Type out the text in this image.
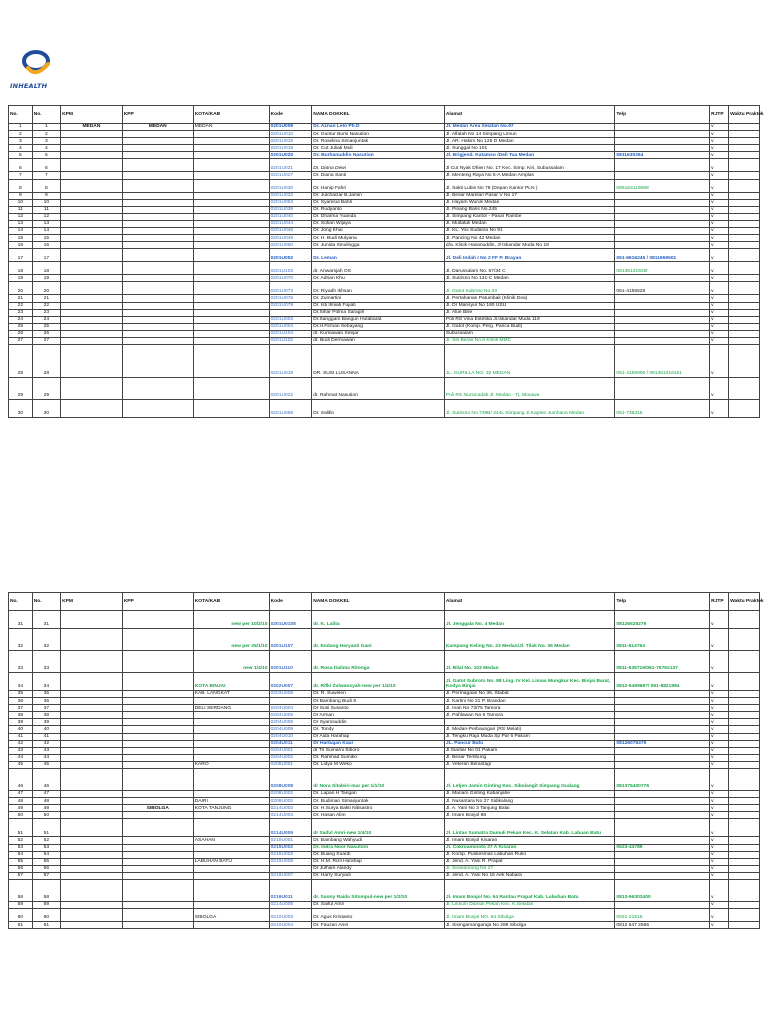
INHEALTH
No.	No.	KPM	KPP	KOTA/KAB	Kode	NAMA DOKKEL	Alamat	Telp	RJTP	Waktu Praktek
1	1	MEDAN	MEDAN	MEDAN	0201U009	Dr. Aznan Lelo Ph.D	Jl. Medan Area Selatan No.97		v	
2	2				0201U010	Dr. Guntur Bumi Nasution	Jl. Alfalah No 14 Simpang Limun		v	
3	3				0201U015	Dr. Roselina Simanjuntak	Jl. AR. Hakim No 126 D Medan		v	
4	4				0201U019	Dr. Cut Juliati Muli	Jl. Sunggal No 101		v	
5	5				0201U020	Dr. Burhanuddin Nasution	Jl. Brigjend. Katamso /Deli Tua Medan	0811630264	v	
6	6				0201U021	Dr. Diana Dewi	Jl Cut Nyak Dhien No. 17 Kec. Simp. Kiri, Subussalam		v	
7	7				0201U027	Dr. Diana Santi	Jl. Menteng Raya No 5-A Medan Amplas		v	
8	8				0201U030	Dr. Hanip Fahri	Jl. Sakti Lubis No 78 (Depan Kantor PLN )	085163119088	v	
9	9				0201U032	Dr. Julchaizar B.Jamin	Jl. Besar Marelan Pasar V No 17		v	
10	10				0201U063	Dr. Syamsul Bahri	Jl. Hayam Wuruk Medan		v	
11	11				0201U039	Dr. Rudyanto	Jl. Pinang Baris No.245		v	
12	12				0201U040	Dr. Dharma Yuanda	Jl. Simpang Kantor - Pasar Rambe		v	
13	13				0201U044	Dr. Sofian Wijaya	Jl. Multatuli Medan		v	
14	14				0201U046	Dr. Jong Khai	Jl. KL. Yos Sudarso No 91		v	
15	15				0201U049	Dr. H. Budi Mulyana	Jl. Pancing No 42 Medan		v	
16	16				0201U050	Dr. Junida Sinulingga	d/a. Klinik Hasanuddin, Jl Iskandar Muda No 19		v	
17	17				0201U052	Dr. Leman	Jl. Deli Indah I No 2 FF P. Brayan	061-6616245 / 0811659501	v	
18	18				0201U103	dr. Anwarsjah OS	Jl. Darussalam No. 67/34 C	08136131929l	v	
19	19				0201U070	Dr. Adrian Khu	Jl. Sutrisno No 131-C Medan		v	
20	20				0201U073	Dr. Riyadh Ikhsan	Jl. Gatot Subroto No 33	061-4155528	v	
21	21				0201U076	Dr. Zumartini	Jl. Pertahanan Patumbak (Klinik Dea)		v	
22	22				0201U079	Dr. Isti Ilmiati Fujiati	Jl. Dr Mansyur No 160 USU		v	
23	23					Dr.Sihar Polma Saragih	Jl. Alue Bilie		v	
24	24				0201U003	Dr.Sanggam Bangun Hutabarat	Poli RS Vina Estetika Jl.Iskandar Muda 119		v	
25	25				0201U004	Dr.H.Firman Sebayang	Jl. Gatot (Komp. Perg. Panca Budi)		v	
26	26				0201U104	dr. Kurniawan Sirejar	Subussalam		v	
27	27				0201U102	dr. Budi Dermawan	Jl. Sei Beras No.6 Klinik MMC		v	
28	28				0201U018	DR. SUSI LUSANNA	JL. GURILLA NO. 32 MEDAN	061-4156906 / 081361016161	v	
29	29				0201U022	dr. Rahmat Nasution	Poli RS Nursa'adah Jl. Medan - Tj. Morawa		v	
30	30				0201U059	Dr. Salifin	Jl. Sutrisno No.739B/ 344L Simpang Jl.Kapten Jumhana Medan	061-736315	v	
No.	No.	KPM	KPP	KOTA/KAB	Kode	NAMA DOKKEL	Alamat	Telp	RJTP	Waktu Praktek
31	31			new per 10/2/10	0201U0108	dr. K. Lalita	Jl. Jenggala No. 4 Medan	08126525279	v	
32	32			new per 25/1/10	0201U107	dr. Endang Haryanti Gani	Kampung Keling No. 23 Medan/Jl. Tilak No. 36 Medan	0811-614764	v	
33	33			new 1/4/10	0201U110	dr. Rosa Dalima Ritonga	Jl. Bilal No. 103 Medan	0811-635719/061-76762137	v	
34	34			KOTA BINJAI	0202U007	dr. Rifki Zulwansyah-new per 1/4/10	Jl. Gatot Subroto No. 88 Ling. IV Kel. Limau Mungkur Kec. Binjai Barat, Kodya Binjai	0812-6499687/ 061-8821984	v	
35	35			KAB. LANGKAT	0203U008	Dr. R. Suwelen	Jl. Permagaan No 36, Stabat		v	
36	36					Dr Bambang Budi S	Jl. Kartini No 21 P. Brandan		v	
37	37			DELI SERDANG	0204U004	Dr Susi Susanto	Jl. Inan No 73/75 Tamora		v	
38	38				0204U005	Dr Arman	Jl. Pahlawan No 6 Tamora		v	
39	39				0204U006	Dr Syamsuddin			v	
40	40				0204U009	Dr. Tondy	Jl. Medan-Perbaungan (RS Melati)		v	
41	41				0204U010	Dr Aida Harahap	Jl. Tengku Raja Muda Sp Par 6 Pakam		v	
42	42				0204U011	Dr Harbajan Kaur	JL. Pancur Batu	08126076379	v	
43	43				0204U001	dr Tri Sumarni Siboro	Jl.Siantar No 01 Pakam		v	
44	44				0204U002	Dr. Rahmad Sumiko	Jl. Besar Tembung		v	
45	45			KARO	0205U001	Dr. Lidya M Weko	Jl. Veteran Berastagi		v	
46	46				0208U008	dr Nora Sitaleiri-mar per 1/1/10	Jl. Letjen Jamin Ginting Kec. Sibolangit Simpang Gudang	081375400776	v	
47	47				0208U002	Dr. Lapan H Tarigan	Jl. Mariam Ginting Kabanjahe		v	
48	48			DAIRI	0209U002	Dr. Budiman Simanjuntak	Jl. Nusantara No 27 Sidikalang		v	
49	49		SIBOLGA	KOTA TANJUNG	0214U003	Dr. H.Surya Bakti Nitisastro	Jl. A. Yani No 3 Tanjung Balai		v	
50	50				0214U004	Dr. Hasan Alim	Jl. Imam Bonjol 88		v	
51	51				0214U005	dr Saiful Amri-new 1/4/10	Jl. Lintas Sumatra Damuli Pekan Kec. K. Selatan Kab. Labuan Batu		v	
52	52			ASAHAN	0215U001	Dr. Bambang Wahyudi	Jl. Imam Bonjol Kisaran		v	
53	53				0215U002	Dr. Indra Noor Nasution	Jl. Cokroaminoto 37 A Kisaran	0623-44789	v	
54	54				0215U003	Dr. Buang Suardi	Jl. Komp. Puskesmas Labuhan Ruko		v	
55	55			LABUHAN BATU	0216U008	Dr. H.M. Rizil Harahap	Jl. Jend. A. Yani R. Prapat		v	
56	56					Dr Julham Alandy	Jl. Sirandorung No 27		v	
57	57				0216U007	Dr. Harry Suryadi	Jl. Jend. A. Yani No 16 Aek Nabara		v	
58	58				0216U011	dr. Sanny Raida Sitompul-new per 1/2/10	Jl. Imam Bonjol No. 64 Rantau Prapat Kab. Labuhan Batu	0813-96303400	v	
59	59				0214U005	Dr. Saiful Amri	Jl. Linsum Damuli Pekan Kec. K.Selatan		v	
60	60			SIBOLGA	0210U003	Dr. Agus Kristanto	Jl. Imam Bonjol NO. 64 Sibolga	0631-21516	v	
61	61				0210U004	Dr. Fauzan Amri	Jl. Sisingamangaraja No 289 Sibolga	0812 647 2565	v	
